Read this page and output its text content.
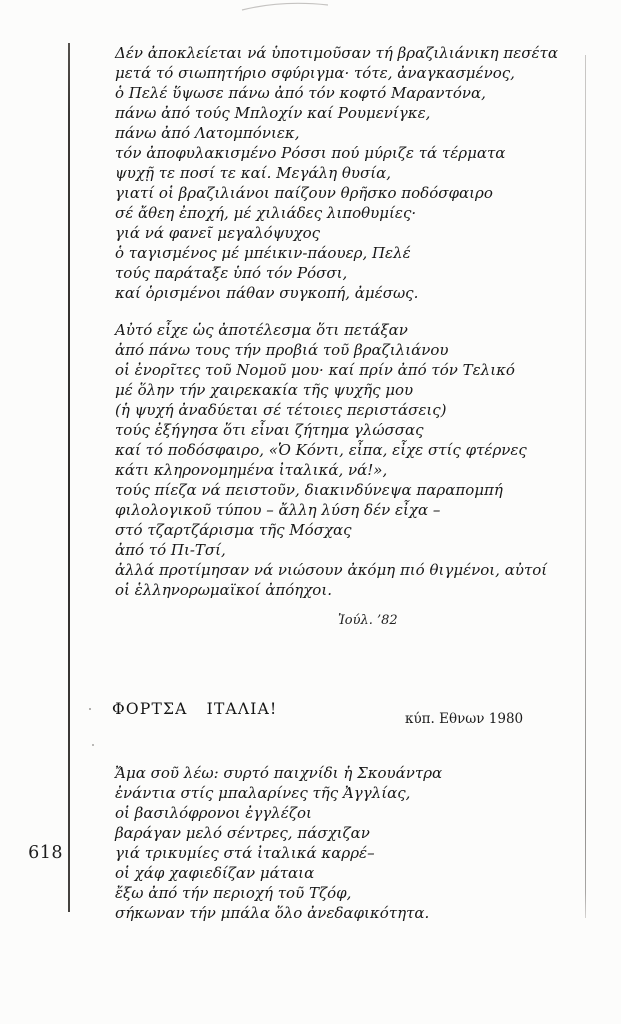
618
Δέν ἀποκλείεται νά ὑποτιμοῦσαν τή βραζιλιάνικη πεσέτα
μετά τό σιωπητήριο σφύριγμα· τότε, ἀναγκασμένος,
ὁ Πελέ ὕψωσε πάνω ἀπό τόν κοφτό Μαραντόνα,
πάνω ἀπό τούς Μπλοχίν καί Ρουμενίγκε,
πάνω ἀπό Λατομπόνιεκ,
τόν ἀποφυλακισμένο Ρόσσι πού μύριζε τά τέρματα
ψυχῇ τε ποσί τε καί. Μεγάλη θυσία,
γιατί οἱ βραζιλιάνοι παίζουν θρῆσκο ποδόσφαιρο
σέ ἄθεη ἐποχή, μέ χιλιάδες λιποθυμίες·
γιά νά φανεῖ μεγαλόψυχος
ὁ ταγισμένος μέ μπέικιν-πάουερ, Πελέ
τούς παράταξε ὑπό τόν Ρόσσι,
καί ὁρισμένοι πάθαν συγκοπή, ἀμέσως.
Αὐτό εἶχε ὡς ἀποτέλεσμα ὅτι πετάξαν
ἀπό πάνω τους τήν προβιά τοῦ βραζιλιάνου
οἱ ἐνορῖτες τοῦ Νομοῦ μου· καί πρίν ἀπό τόν Τελικό
μέ ὅλην τήν χαιρεκακία τῆς ψυχῆς μου
(ἡ ψυχή ἀναδύεται σέ τέτοιες περιστάσεις)
τούς ἐξήγησα ὅτι εἶναι ζήτημα γλώσσας
καί τό ποδόσφαιρο, «Ὁ Κόντι, εἶπα, εἶχε στίς φτέρνες
κάτι κληρονομημένα ἰταλικά, νά!»,
τούς πίεζα νά πειστοῦν, διακινδύνεψα παραπομπή
φιλολογικοῦ τύπου – ἄλλη λύση δέν εἶχα –
στό τζαρτζάρισμα τῆς Μόσχας
ἀπό τό Πι-Τσί,
ἀλλά προτίμησαν νά νιώσουν ἀκόμη πιό θιγμένοι, αὐτοί
οἱ ἑλληνορωμαϊκοί ἀπόηχοι.
Ἰούλ. ’82
ΦΟΡΤΣΑ ΙΤΑΛΙΑ!
κύπ. Εθνων 1980
Ἄμα σοῦ λέω: συρτό παιχνίδι ἡ Σκουάντρα
ἐνάντια στίς μπαλαρίνες τῆς Ἀγγλίας,
οἱ βασιλόφρονοι ἐγγλέζοι
βαράγαν μελό σέντρες, πάσχιζαν
γιά τρικυμίες στά ἰταλικά καρρέ–
οἱ χάφ χαφιεδίζαν μάταια
ἔξω ἀπό τήν περιοχή τοῦ Τζόφ,
σήκωναν τήν μπάλα ὅλο ἀνεδαφικότητα.
